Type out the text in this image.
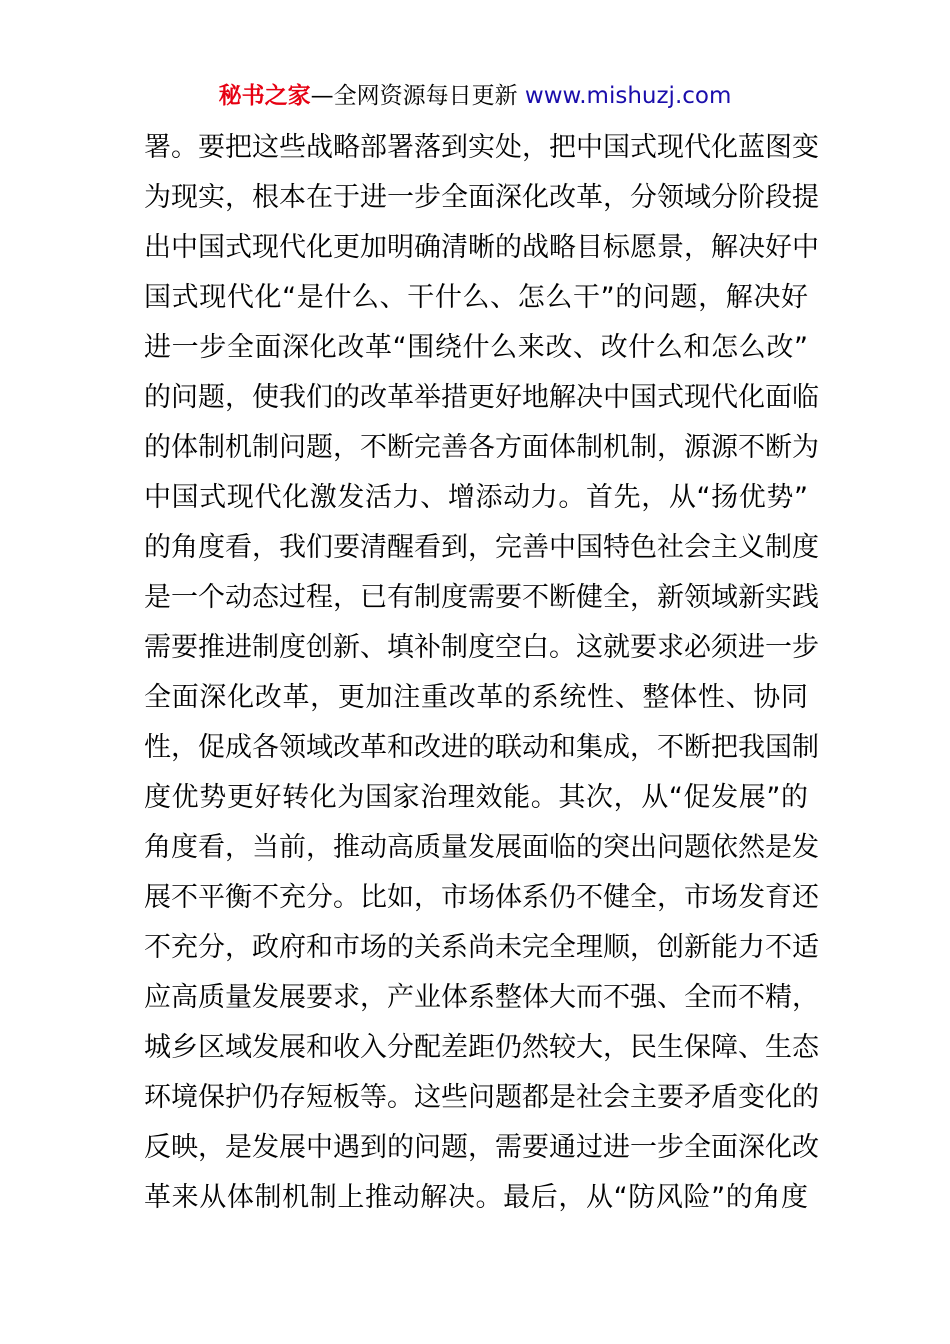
秘书之家—全网资源每日更新 www.mishuzj.com
署。要把这些战略部署落到实处，把中国式现代化蓝图变
为现实，根本在于进一步全面深化改革，分领域分阶段提
出中国式现代化更加明确清晰的战略目标愿景，解决好中
国式现代化“是什么、干什么、怎么干”的问题，解决好
进一步全面深化改革“围绕什么来改、改什么和怎么改”
的问题，使我们的改革举措更好地解决中国式现代化面临
的体制机制问题，不断完善各方面体制机制，源源不断为
中国式现代化激发活力、增添动力。首先，从“扬优势”
的角度看，我们要清醒看到，完善中国特色社会主义制度
是一个动态过程，已有制度需要不断健全，新领域新实践
需要推进制度创新、填补制度空白。这就要求必须进一步
全面深化改革，更加注重改革的系统性、整体性、协同
性，促成各领域改革和改进的联动和集成，不断把我国制
度优势更好转化为国家治理效能。其次，从“促发展”的
角度看，当前，推动高质量发展面临的突出问题依然是发
展不平衡不充分。比如，市场体系仍不健全，市场发育还
不充分，政府和市场的关系尚未完全理顺，创新能力不适
应高质量发展要求，产业体系整体大而不强、全而不精，
城乡区域发展和收入分配差距仍然较大，民生保障、生态
环境保护仍存短板等。这些问题都是社会主要矛盾变化的
反映，是发展中遇到的问题，需要通过进一步全面深化改
革来从体制机制上推动解决。最后，从“防风险”的角度
